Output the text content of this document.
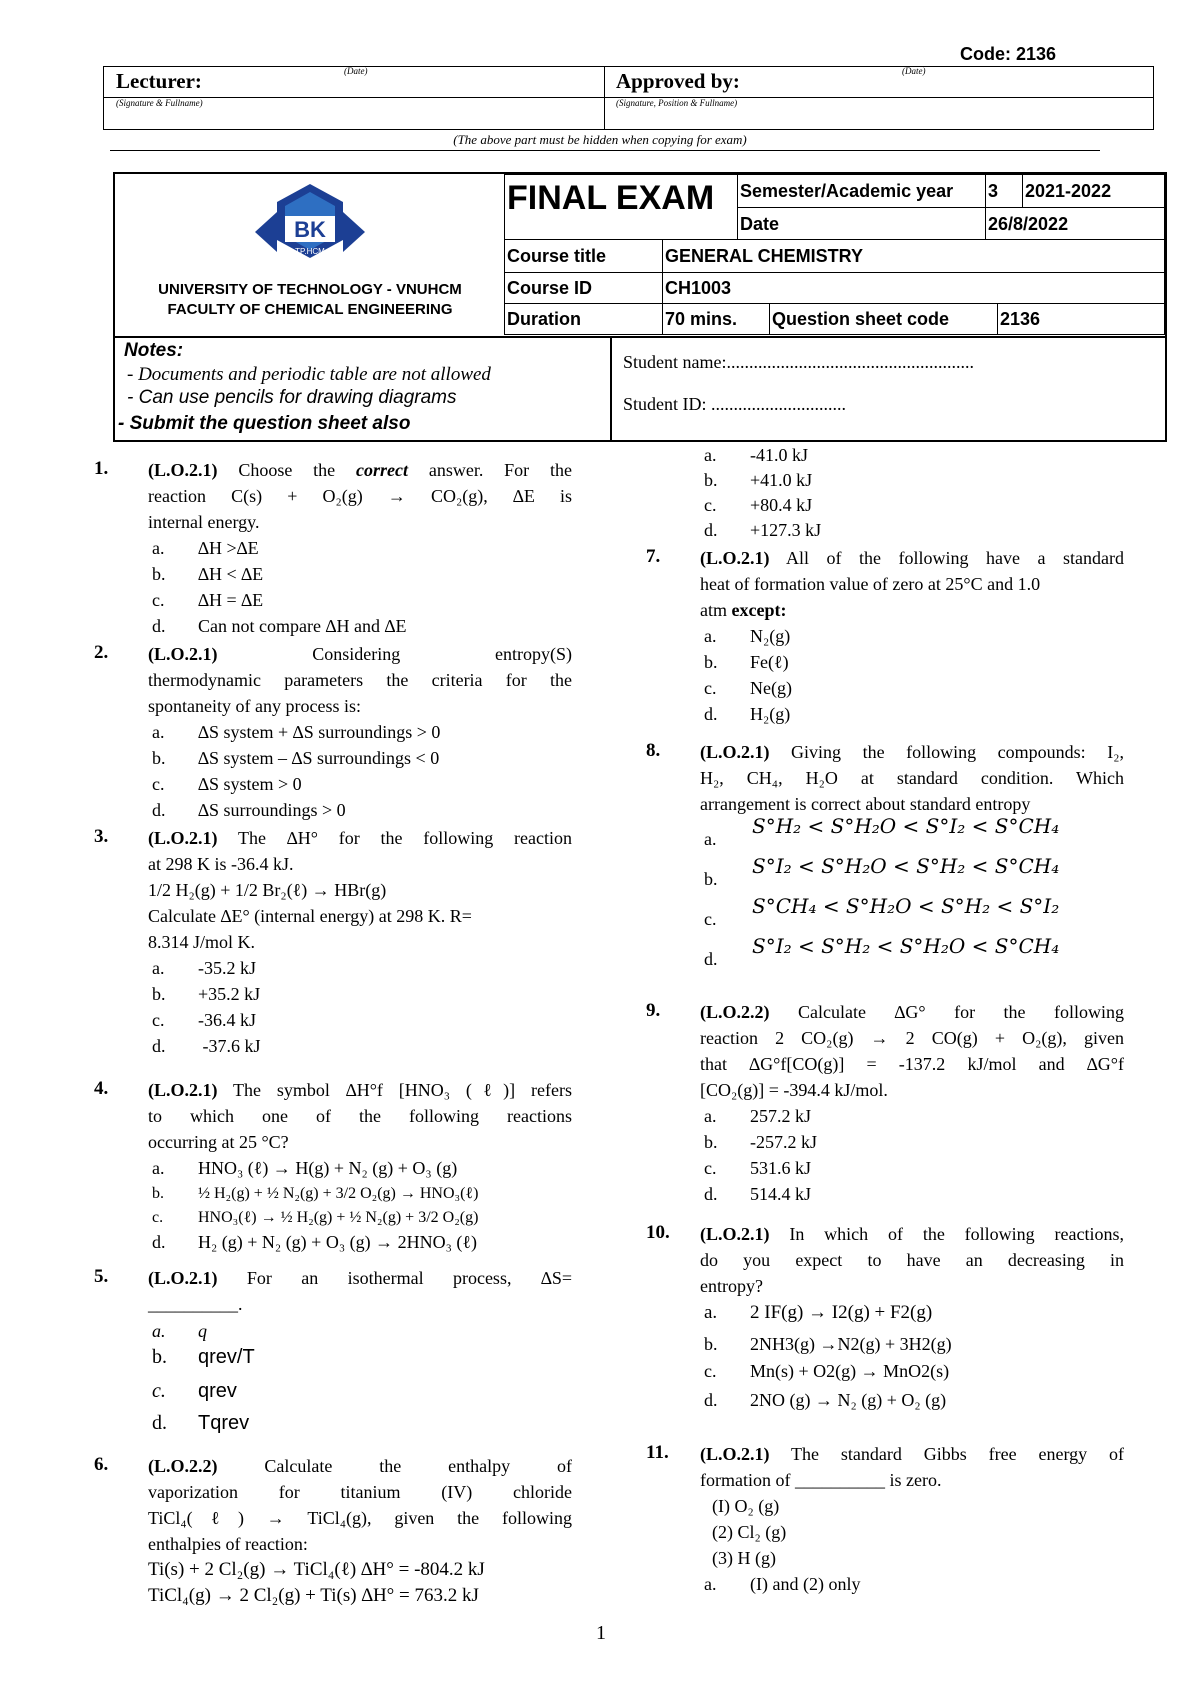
Code: 2136
Lecturer:	(Date)
(Signature & Fullname)
Approved by:	(Date)
(Signature, Position & Fullname)
(The above part must be hidden when copying for exam)
BK
TP.HCM
UNIVERSITY OF TECHNOLOGY - VNUHCM
FACULTY OF CHEMICAL ENGINEERING
FINAL EXAM	Semester/Academic year	3	2021-2022
Date	26/8/2022
Course title	GENERAL CHEMISTRY
Course ID	CH1003
Duration	70 mins.	Question sheet code	2136
Notes:
- Documents and periodic table are not allowed
- Can use pencils for drawing diagrams
- Submit the question sheet also
Student name:.......................................................
Student ID: ..............................
1. (L.O.2.1) Choose the correct answer. For the
reaction C(s) + O₂(g) → CO₂(g), ∆E is
internal energy.
a. ∆H >∆E
b. ∆H < ∆E
c. ∆H = ∆E
d. Can not compare ∆H and ∆E
2. (L.O.2.1)	Considering entropy(S)
thermodynamic parameters the criteria for the
spontaneity of any process is:
a. ∆S system + ∆S surroundings > 0
b. ∆S system – ∆S surroundings < 0
c. ∆S system > 0
d. ∆S surroundings > 0
3. (L.O.2.1) The ∆H° for the following reaction
at 298 K is -36.4 kJ.
1/2 H₂(g) + 1/2 Br₂(ℓ) → HBr(g)
Calculate ∆E° (internal energy) at 298 K. R=
8.314 J/mol K.
a. -35.2 kJ
b. +35.2 kJ
c. -36.4 kJ
d. -37.6 kJ
4. (L.O.2.1) The symbol ∆H°f [HNO₃ (ℓ)] refers
to which one of the following reactions
occurring at 25 °C?
a. HNO₃ (ℓ) → H(g) + N₂ (g) + O₃ (g)
b. ½ H₂(g) + ½ N₂(g) + 3/2 O₂(g) → HNO₃(ℓ)
c. HNO₃(ℓ) → ½ H₂(g) + ½ N₂(g) + 3/2 O₂(g)
d. H₂ (g) + N₂ (g) + O₃ (g) → 2HNO₃ (ℓ)
5. (L.O.2.1) For an isothermal process, ∆S=
__________.
a. q
b. qrev/T
c. qrev
d. Tqrev
6. (L.O.2.2) Calculate the enthalpy of
vaporization for titanium (IV) chloride
TiCl₄(ℓ) → TiCl₄(g), given the following
enthalpies of reaction:
Ti(s) + 2 Cl₂(g) → TiCl₄(ℓ) ∆H° = -804.2 kJ
TiCl₄(g) → 2 Cl₂(g) + Ti(s) ∆H° = 763.2 kJ
a. -41.0 kJ
b. +41.0 kJ
c. +80.4 kJ
d. +127.3 kJ
7. (L.O.2.1) All of the following have a standard
heat of formation value of zero at 25°C and 1.0
atm except:
a. N₂(g)
b. Fe(ℓ)
c. Ne(g)
d. H₂(g)
8. (L.O.2.1) Giving the following compounds: I₂,
H₂, CH₄, H₂O at standard condition. Which
arrangement is correct about standard entropy
a.
S°H₂ < S°H₂O < S°I₂ < S°CH₄
b.
S°I₂ < S°H₂O < S°H₂ < S°CH₄
c.
S°CH₄ < S°H₂O < S°H₂ < S°I₂
d.
S°I₂ < S°H₂ < S°H₂O < S°CH₄
9. (L.O.2.2) Calculate ∆G° for the following
reaction 2 CO₂(g) → 2 CO(g) + O₂(g), given
that ∆G°f[CO(g)] = -137.2 kJ/mol and ∆G°f
[CO₂(g)] = -394.4 kJ/mol.
a. 257.2 kJ
b. -257.2 kJ
c. 531.6 kJ
d. 514.4 kJ
10. (L.O.2.1) In which of the following reactions,
do you expect to have an decreasing in
entropy?
a. 2 IF(g) → I2(g) + F2(g)
b. 2NH3(g) →N2(g) + 3H2(g)
c. Mn(s) + O2(g) → MnO2(s)
d. 2NO (g) → N₂ (g) + O₂ (g)
11. (L.O.2.1) The standard Gibbs free energy of
formation of __________ is zero.
(I) O₂ (g)
(2) Cl₂ (g)
(3) H (g)
a. (I) and (2) only
1
